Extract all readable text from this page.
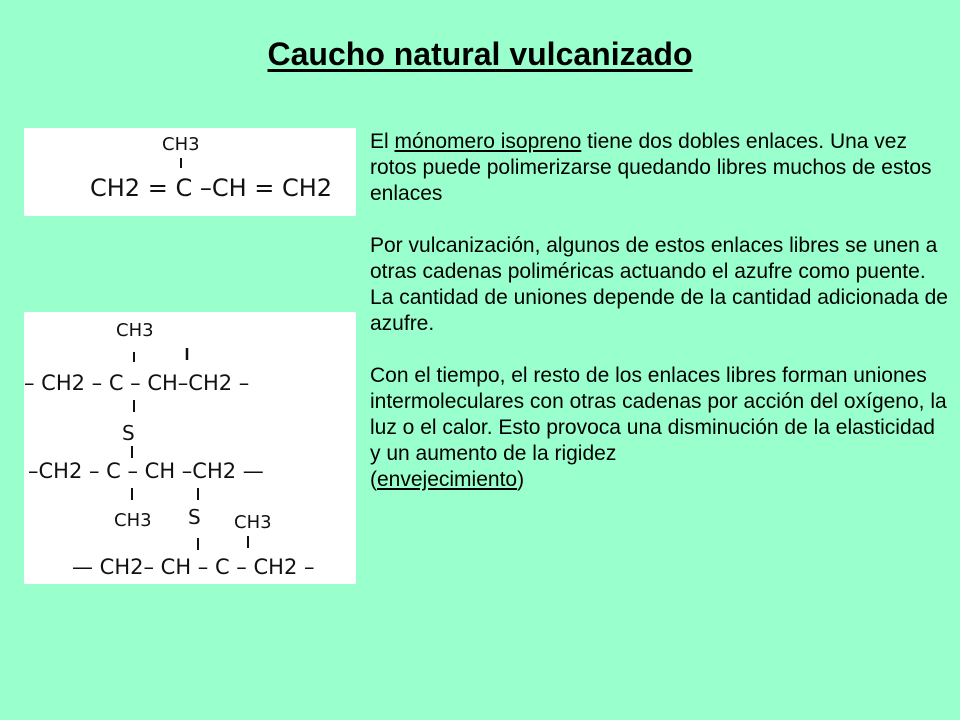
Caucho natural vulcanizado
CH3
CH2 = C –CH = CH2
CH3
– CH2 – C – CH–CH2 –
S
–CH2 – C – CH –CH2 —
CH3 S CH3
— CH2– CH – C – CH2 –

El mónomero isopreno tiene dos dobles enlaces. Una vez rotos puede polimerizarse quedando libres muchos de estos enlaces

Por vulcanización, algunos de estos enlaces libres se unen a otras cadenas poliméricas actuando el azufre como puente. La cantidad de uniones depende de la cantidad adicionada de azufre.

Con el tiempo, el resto de los enlaces libres forman uniones intermoleculares con otras cadenas por acción del oxígeno, la luz o el calor. Esto provoca una disminución de la elasticidad y un aumento de la rigidez
(envejecimiento)
